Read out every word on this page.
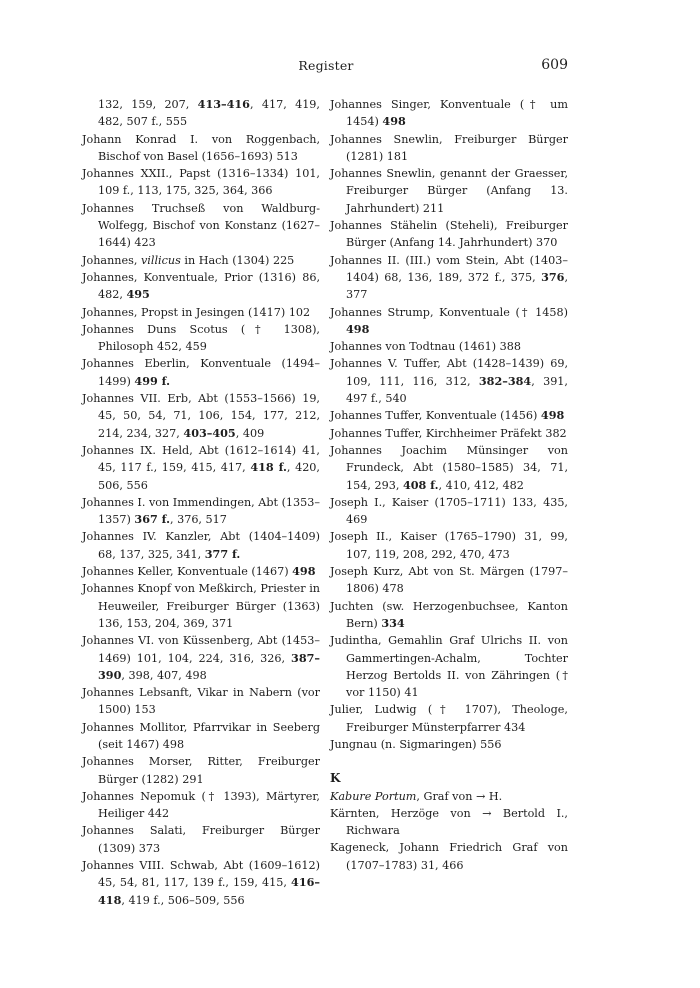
Register	609

132, 159, 207, 413–416, 417, 419, 482, 507 f., 555

Johann Konrad I. von Roggenbach, Bischof von Basel (1656–1693) 513

Johannes XXII., Papst (1316–1334) 101, 109 f., 113, 175, 325, 364, 366

Johannes Truchseß von Waldburg-Wolfegg, Bischof von Konstanz (1627–1644) 423

Johannes, villicus in Hach (1304) 225

Johannes, Konventuale, Prior (1316) 86, 482, 495

Johannes, Propst in Jesingen (1417) 102

Johannes Duns Scotus († 1308), Philosoph 452, 459

Johannes Eberlin, Konventuale (1494–1499) 499 f.

Johannes VII. Erb, Abt (1553–1566) 19, 45, 50, 54, 71, 106, 154, 177, 212, 214, 234, 327, 403–405, 409

Johannes IX. Held, Abt (1612–1614) 41, 45, 117 f., 159, 415, 417, 418 f., 420, 506, 556

Johannes I. von Immendingen, Abt (1353–1357) 367 f., 376, 517

Johannes IV. Kanzler, Abt (1404–1409) 68, 137, 325, 341, 377 f.

Johannes Keller, Konventuale (1467) 498

Johannes Knopf von Meßkirch, Priester in Heuweiler, Freiburger Bürger (1363) 136, 153, 204, 369, 371

Johannes VI. von Küssenberg, Abt (1453–1469) 101, 104, 224, 316, 326, 387–390, 398, 407, 498

Johannes Lebsanft, Vikar in Nabern (vor 1500) 153

Johannes Mollitor, Pfarrvikar in Seeberg (seit 1467) 498

Johannes Morser, Ritter, Freiburger Bürger (1282) 291

Johannes Nepomuk († 1393), Märtyrer, Heiliger 442

Johannes Salati, Freiburger Bürger (1309) 373

Johannes VIII. Schwab, Abt (1609–1612) 45, 54, 81, 117, 139 f., 159, 415, 416–418, 419 f., 506–509, 556

Johannes Singer, Konventuale († um 1454) 498

Johannes Snewlin, Freiburger Bürger (1281) 181

Johannes Snewlin, genannt der Graesser, Freiburger Bürger (Anfang 13. Jahrhundert) 211

Johannes Stähelin (Steheli), Freiburger Bürger (Anfang 14. Jahrhundert) 370

Johannes II. (III.) vom Stein, Abt (1403–1404) 68, 136, 189, 372 f., 375, 376, 377

Johannes Strump, Konventuale († 1458) 498

Johannes von Todtnau (1461) 388

Johannes V. Tuffer, Abt (1428–1439) 69, 109, 111, 116, 312, 382–384, 391, 497 f., 540

Johannes Tuffer, Konventuale (1456) 498

Johannes Tuffer, Kirchheimer Präfekt 382

Johannes Joachim Münsinger von Frundeck, Abt (1580–1585) 34, 71, 154, 293, 408 f., 410, 412, 482

Joseph I., Kaiser (1705–1711) 133, 435, 469

Joseph II., Kaiser (1765–1790) 31, 99, 107, 119, 208, 292, 470, 473

Joseph Kurz, Abt von St. Märgen (1797–1806) 478

Juchten (sw. Herzogenbuchsee, Kanton Bern) 334

Judintha, Gemahlin Graf Ulrichs II. von Gammertingen-Achalm, Tochter Herzog Bertolds II. von Zähringen († vor 1150) 41

Julier, Ludwig († 1707), Theologe, Freiburger Münsterpfarrer 434

Jungnau (n. Sigmaringen) 556

K

Kabure Portum, Graf von → H.

Kärnten, Herzöge von → Bertold I., Richwara

Kageneck, Johann Friedrich Graf von (1707–1783) 31, 466
